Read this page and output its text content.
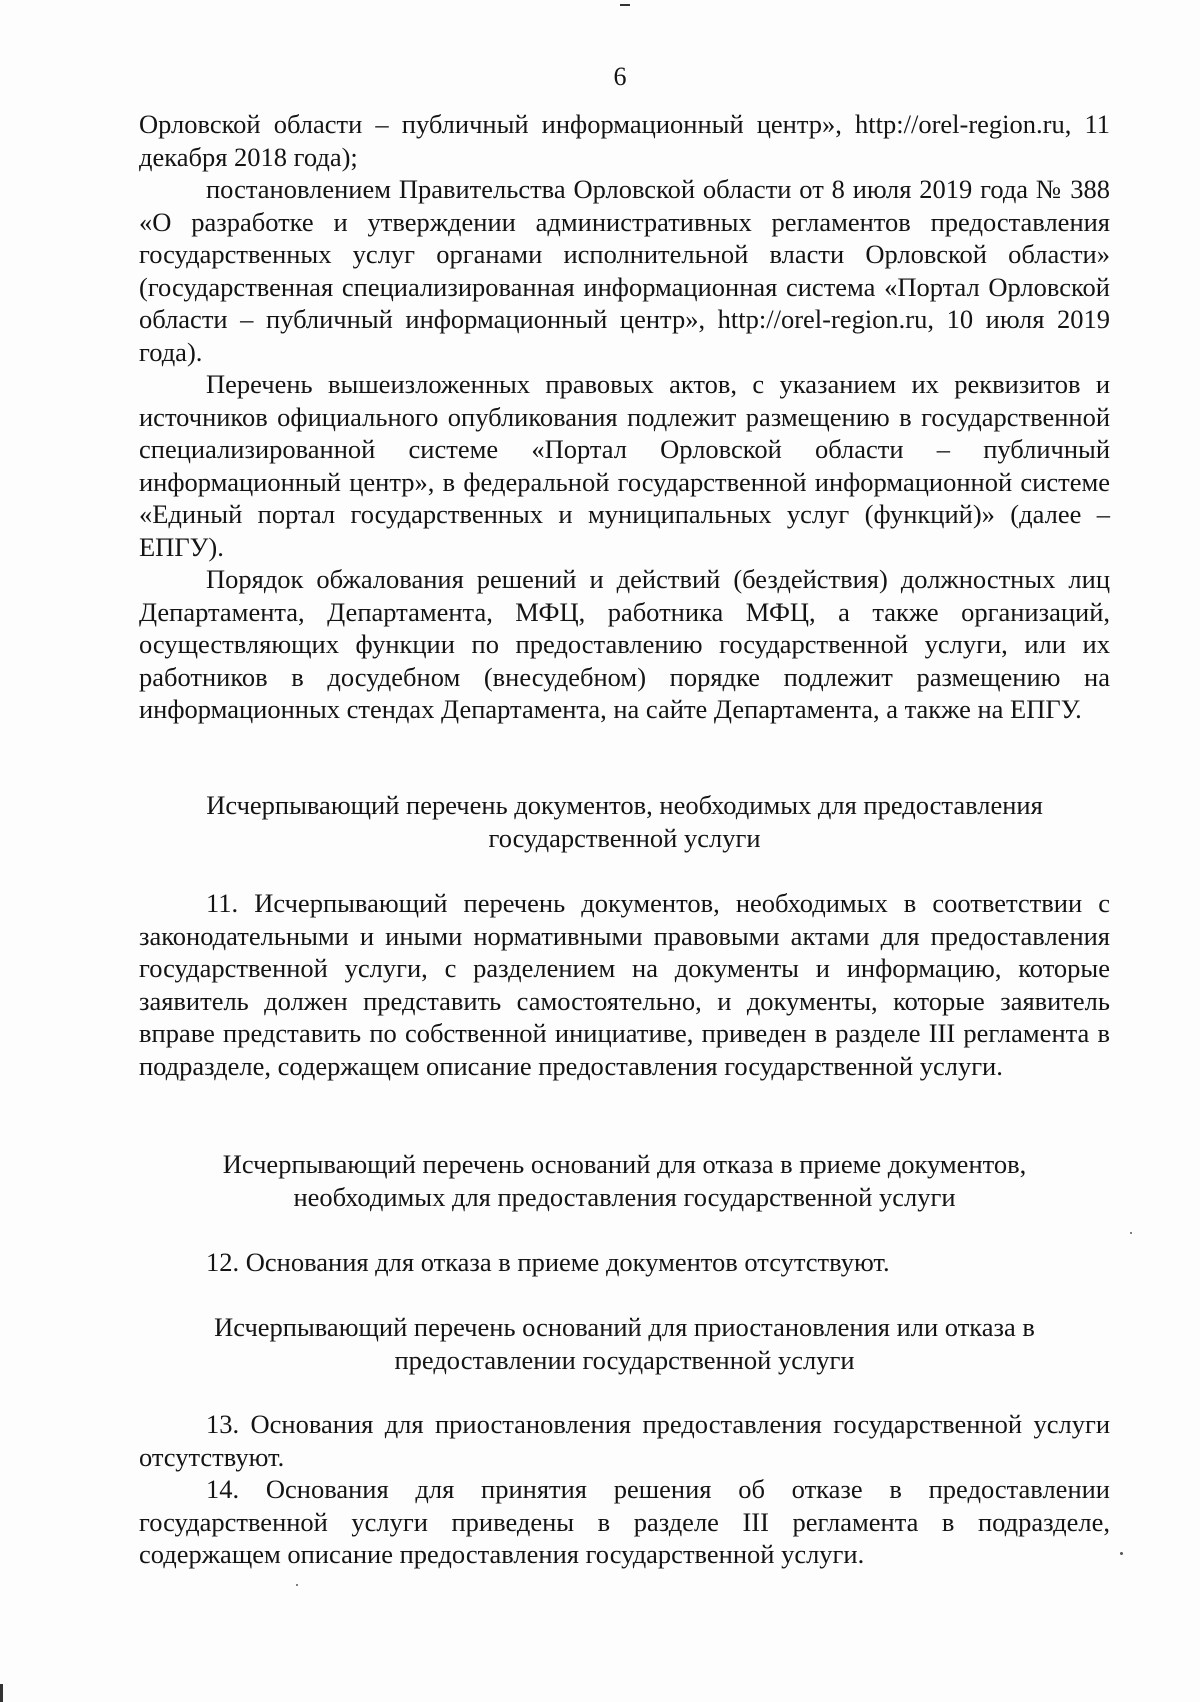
6

Орловской области – публичный информационный центр», http://orel-region.ru, 11 декабря 2018 года);

постановлением Правительства Орловской области от 8 июля 2019 года № 388 «О разработке и утверждении административных регламентов предоставления государственных услуг органами исполнительной власти Орловской области» (государственная специализированная информационная система «Портал Орловской области – публичный информационный центр», http://orel-region.ru, 10 июля 2019 года).

Перечень вышеизложенных правовых актов, с указанием их реквизитов и источников официального опубликования подлежит размещению в государственной специализированной системе «Портал Орловской области – публичный информационный центр», в федеральной государственной информационной системе «Единый портал государственных и муниципальных услуг (функций)» (далее – ЕПГУ).

Порядок обжалования решений и действий (бездействия) должностных лиц Департамента, Департамента, МФЦ, работника МФЦ, а также организаций, осуществляющих функции по предоставлению государственной услуги, или их работников в досудебном (внесудебном) порядке подлежит размещению на информационных стендах Департамента, на сайте Департамента, а также на ЕПГУ.

Исчерпывающий перечень документов, необходимых для предоставления
государственной услуги

11. Исчерпывающий перечень документов, необходимых в соответствии с законодательными и иными нормативными правовыми актами для предоставления государственной услуги, с разделением на документы и информацию, которые заявитель должен представить самостоятельно, и документы, которые заявитель вправе представить по собственной инициативе, приведен в разделе III регламента в подразделе, содержащем описание предоставления государственной услуги.

Исчерпывающий перечень оснований для отказа в приеме документов,
необходимых для предоставления государственной услуги

12. Основания для отказа в приеме документов отсутствуют.

Исчерпывающий перечень оснований для приостановления или отказа в
предоставлении государственной услуги

13. Основания для приостановления предоставления государственной услуги отсутствуют.

14. Основания для принятия решения об отказе в предоставлении государственной услуги приведены в разделе III регламента в подразделе, содержащем описание предоставления государственной услуги.
